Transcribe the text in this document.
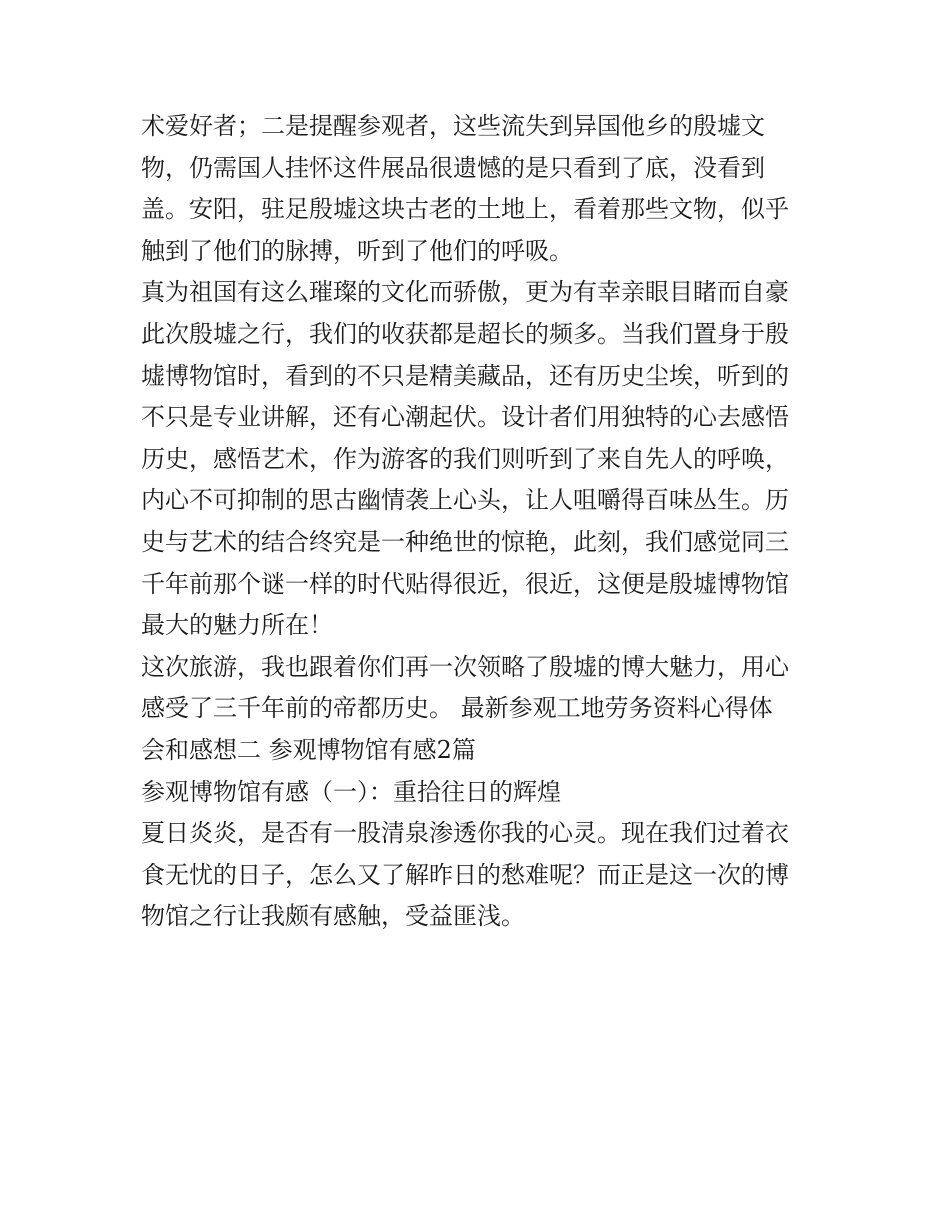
术爱好者；二是提醒参观者，这些流失到异国他乡的殷墟文
物，仍需国人挂怀这件展品很遗憾的是只看到了底，没看到
盖。安阳，驻足殷墟这块古老的土地上，看着那些文物，似乎
触到了他们的脉搏，听到了他们的呼吸。
真为祖国有这么璀璨的文化而骄傲，更为有幸亲眼目睹而自豪
此次殷墟之行，我们的收获都是超长的频多。当我们置身于殷
墟博物馆时，看到的不只是精美藏品，还有历史尘埃，听到的
不只是专业讲解，还有心潮起伏。设计者们用独特的心去感悟
历史，感悟艺术，作为游客的我们则听到了来自先人的呼唤，
内心不可抑制的思古幽情袭上心头，让人咀嚼得百味丛生。历
史与艺术的结合终究是一种绝世的惊艳，此刻，我们感觉同三
千年前那个谜一样的时代贴得很近，很近，这便是殷墟博物馆
最大的魅力所在！
这次旅游，我也跟着你们再一次领略了殷墟的博大魅力，用心
感受了三千年前的帝都历史。 最新参观工地劳务资料心得体
会和感想二 参观博物馆有感2篇
参观博物馆有感（一）：重拾往日的辉煌
夏日炎炎，是否有一股清泉渗透你我的心灵。现在我们过着衣
食无忧的日子，怎么又了解昨日的愁难呢？而正是这一次的博
物馆之行让我颇有感触，受益匪浅。
